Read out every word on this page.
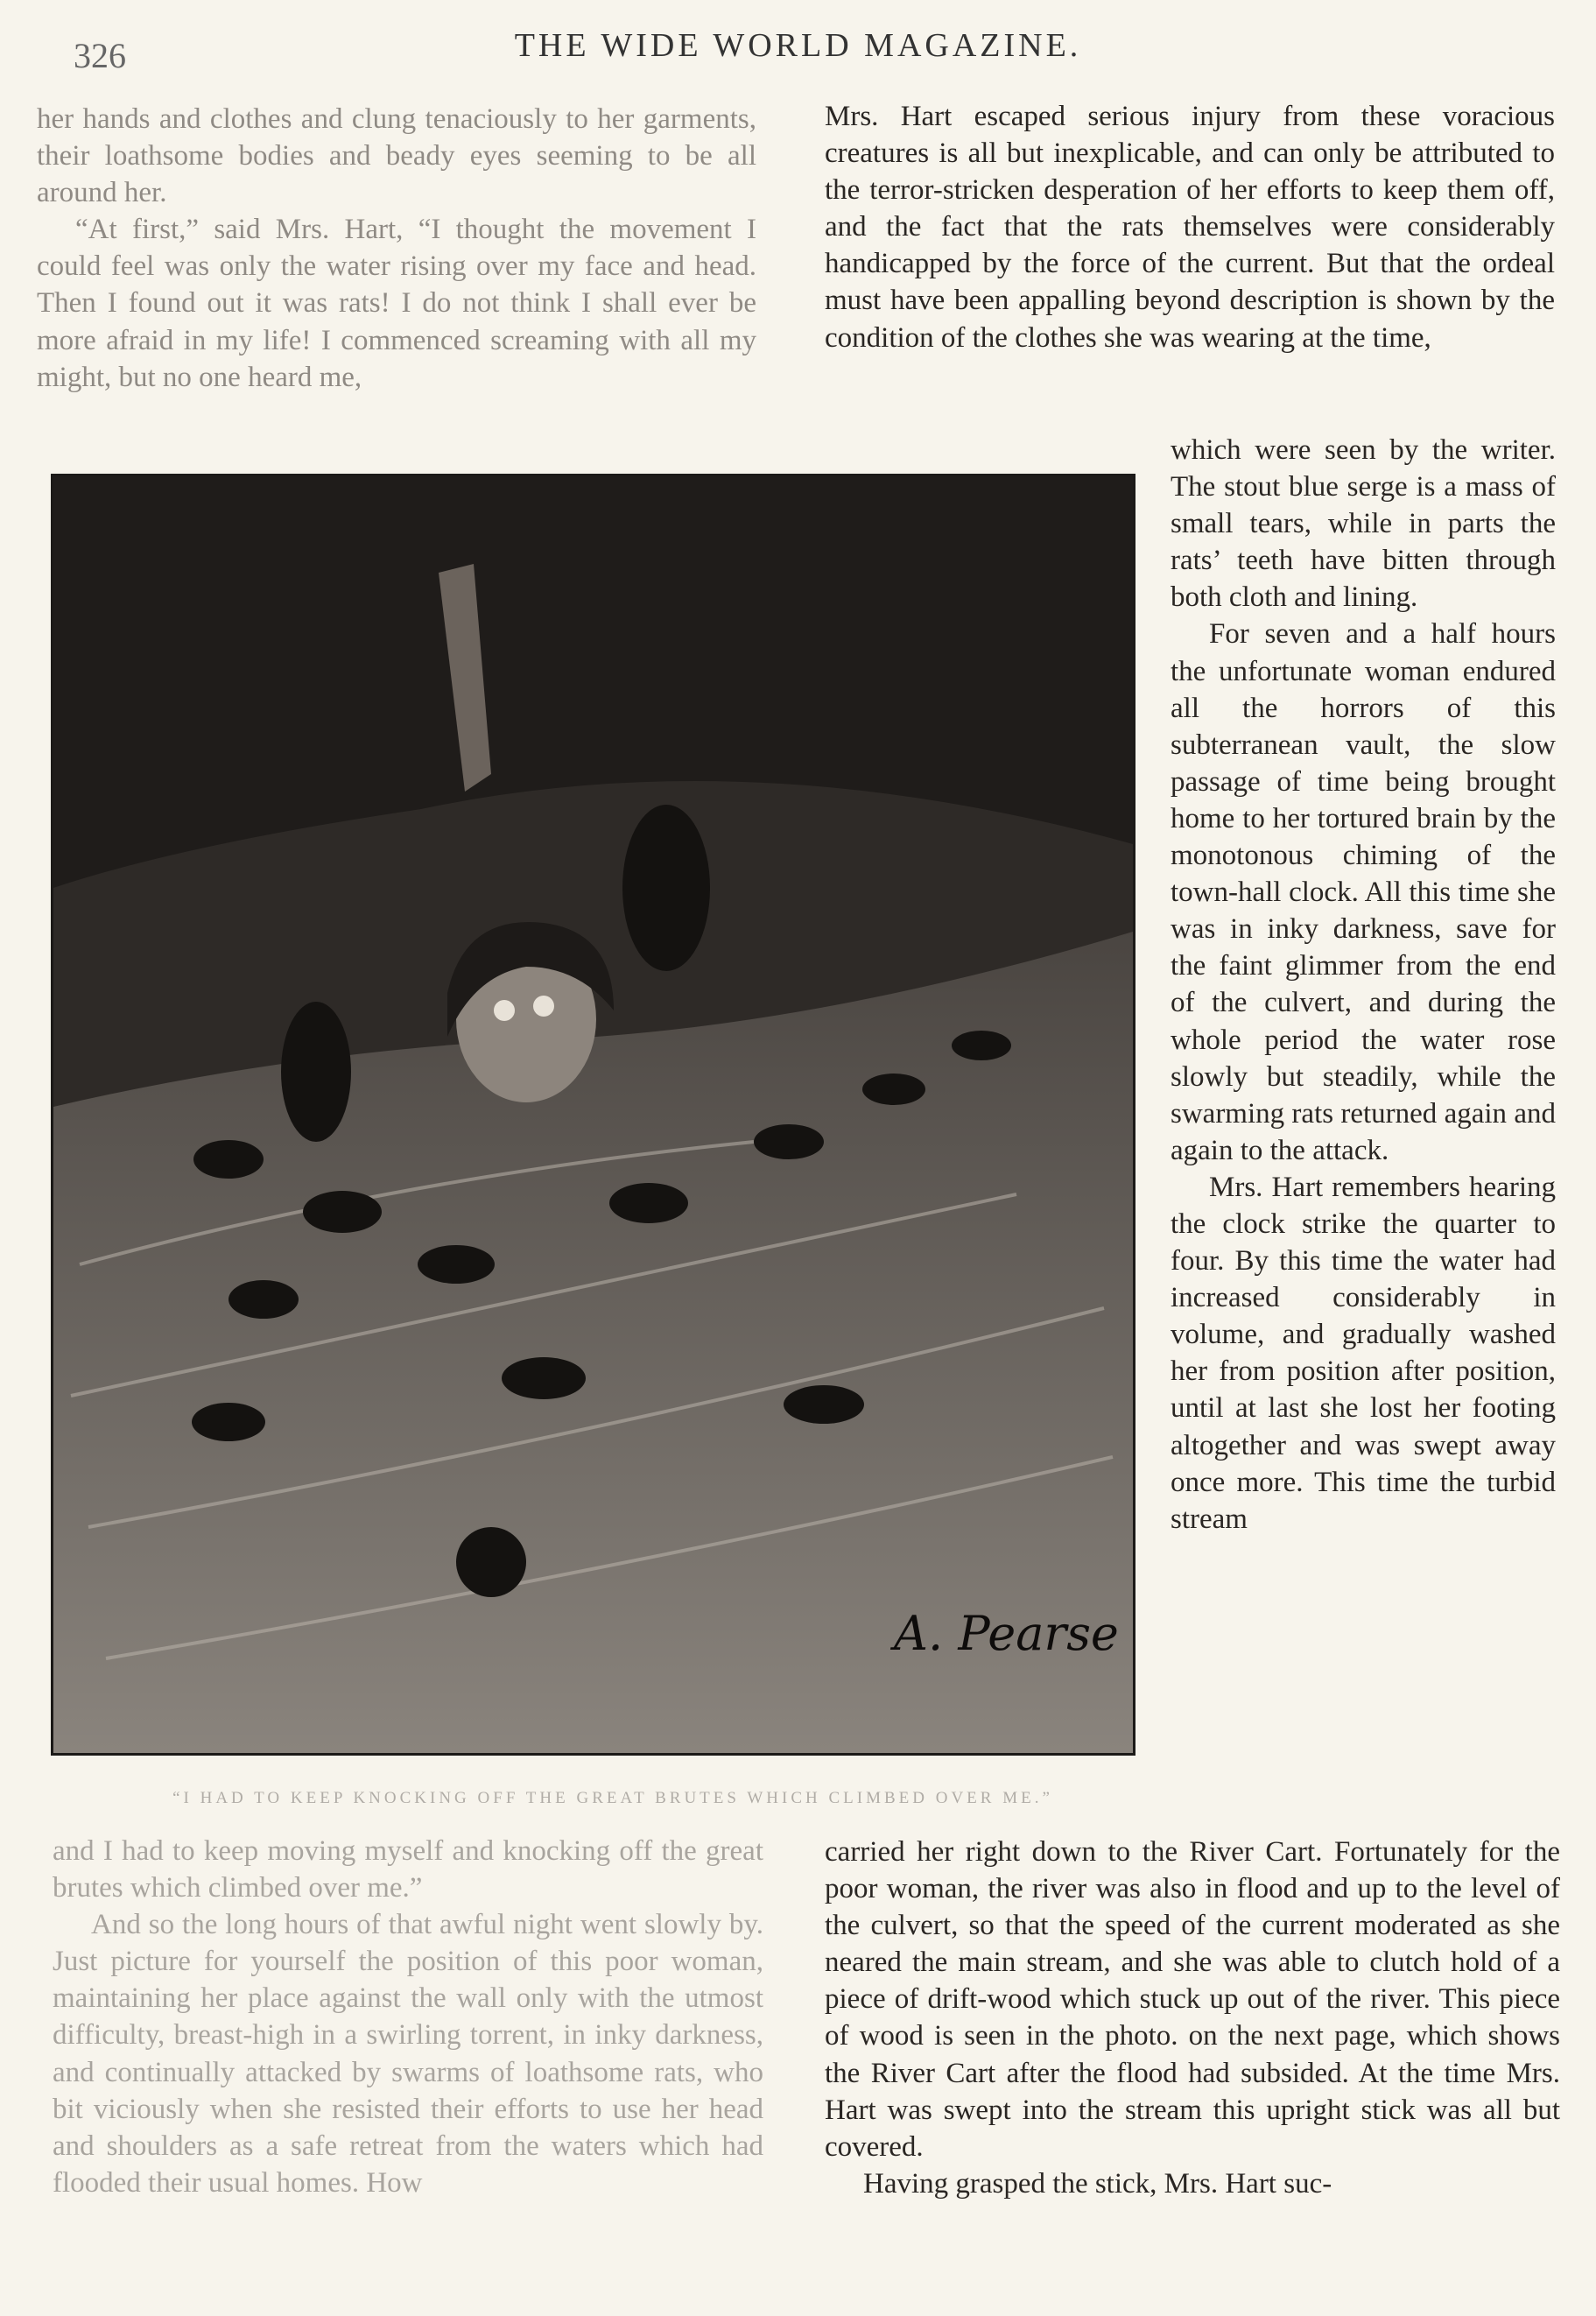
326	THE WIDE WORLD MAGAZINE.

her hands and clothes and clung tenaciously to her garments, their loathsome bodies and beady eyes seeming to be all around her.

“At first,” said Mrs. Hart, “I thought the movement I could feel was only the water rising over my face and head. Then I found out it was rats! I do not think I shall ever be more afraid in my life! I commenced screaming with all my might, but no one heard me,

Mrs. Hart escaped serious injury from these voracious creatures is all but inexplicable, and can only be attributed to the terror-stricken desperation of her efforts to keep them off, and the fact that the rats themselves were considerably handicapped by the force of the current. But that the ordeal must have been appalling beyond description is shown by the condition of the clothes she was wearing at the time,

A. Pearse
“I HAD TO KEEP KNOCKING OFF THE GREAT BRUTES WHICH CLIMBED OVER ME.”

which were seen by the writer. The stout blue serge is a mass of small tears, while in parts the rats’ teeth have bitten through both cloth and lining.

For seven and a half hours the unfortunate woman endured all the horrors of this subterranean vault, the slow passage of time being brought home to her tortured brain by the monotonous chiming of the town-hall clock. All this time she was in inky darkness, save for the faint glimmer from the end of the culvert, and during the whole period the water rose slowly but steadily, while the swarming rats returned again and again to the attack.

Mrs. Hart remembers hearing the clock strike the quarter to four. By this time the water had increased considerably in volume, and gradually washed her from position after position, until at last she lost her footing altogether and was swept away once more. This time the turbid stream

and I had to keep moving myself and knocking off the great brutes which climbed over me.”

And so the long hours of that awful night went slowly by. Just picture for yourself the position of this poor woman, maintaining her place against the wall only with the utmost difficulty, breast-high in a swirling torrent, in inky darkness, and continually attacked by swarms of loathsome rats, who bit viciously when she resisted their efforts to use her head and shoulders as a safe retreat from the waters which had flooded their usual homes. How

carried her right down to the River Cart. Fortunately for the poor woman, the river was also in flood and up to the level of the culvert, so that the speed of the current moderated as she neared the main stream, and she was able to clutch hold of a piece of drift-wood which stuck up out of the river. This piece of wood is seen in the photo. on the next page, which shows the River Cart after the flood had subsided. At the time Mrs. Hart was swept into the stream this upright stick was all but covered.

Having grasped the stick, Mrs. Hart suc-
